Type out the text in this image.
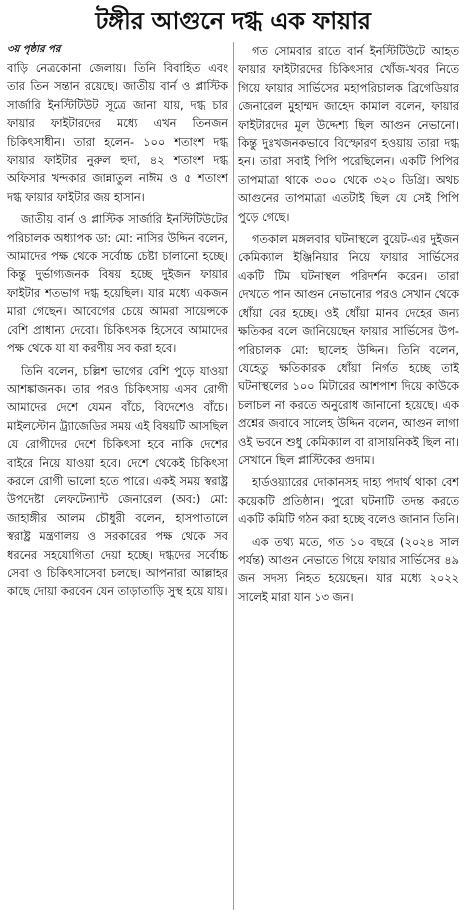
টঙ্গীর আগুনে দগ্ধ এক ফায়ার
৩য় পৃষ্ঠার পর

বাড়ি নেত্রকোনা জেলায়। তিনি বিবাহিত এবং তার তিন সন্তান রয়েছে। জাতীয় বার্ন ও প্লাস্টিক সার্জারি ইনস্টিটিউট সূত্রে জানা যায়, দগ্ধ চার ফায়ার ফাইটারদের মধ্যে এখন তিনজন চিকিৎসাধীন। তারা হলেন- ১০০ শতাংশ দগ্ধ ফায়ার ফাইটার নুরুল হুদা, ৪২ শতাংশ দগ্ধ অফিসার খন্দকার জান্নাতুল নাঈম ও ৫ শতাংশ দগ্ধ ফায়ার ফাইটার জয় হাসান।

জাতীয় বার্ন ও প্লাস্টিক সার্জারি ইনস্টিটিউটের পরিচালক অধ্যাপক ডা: মো: নাসির উদ্দিন বলেন, আমাদের পক্ষ থেকে সর্বোচ্চ চেষ্টা চালানো হচ্ছে। কিন্তু দুর্ভাগ্যজনক বিষয় হচ্ছে দুইজন ফায়ার ফাইটার শতভাগ দগ্ধ হয়েছিল। যার মধ্যে একজন মারা গেছেন। আবেগের চেয়ে আমরা সায়েন্সকে বেশি প্রাধান্য দেবো। চিকিৎসক হিসেবে আমাদের পক্ষ থেকে যা যা করণীয় সব করা হবে।

তিনি বলেন, চল্লিশ ভাগের বেশি পুড়ে যাওয়া আশঙ্কাজনক। তার পরও চিকিৎসায় এসব রোগী আমাদের দেশে যেমন বাঁচে, বিদেশেও বাঁচে। মাইলস্টোন ট্র্যাজেডির সময় এই বিষয়টি আসছিল যে রোগীদের দেশে চিকিৎসা হবে নাকি দেশের বাইরে নিয়ে যাওয়া হবে। দেশে থেকেই চিকিৎসা করলে রোগী ভালো হতে পারে। একই সময় স্বরাষ্ট্র উপদেষ্টা লেফটেন্যান্ট জেনারেল (অব:) মো: জাহাঙ্গীর আলম চৌধুরী বলেন, হাসপাতালে স্বরাষ্ট্র মন্ত্রণালয় ও সরকারের পক্ষ থেকে সব ধরনের সহযোগিতা দেয়া হচ্ছে। দগ্ধদের সর্বোচ্চ সেবা ও চিকিৎসাসেবা চলছে। আপনারা আল্লাহর কাছে দোয়া করবেন যেন তাড়াতাড়ি সুস্থ হয়ে যায়।

গত সোমবার রাতে বার্ন ইনস্টিটিউটে আহত ফায়ার ফাইটারদের চিকিৎসার খোঁজ-খবর নিতে গিয়ে ফায়ার সার্ভিসের মহাপরিচালক ব্রিগেডিয়ার জেনারেল মুহাম্মদ জাহেদ কামাল বলেন, ফায়ার ফাইটারদের মূল উদ্দেশ্য ছিল আগুন নেভানো। কিন্তু দুঃখজনকভাবে বিস্ফোরণ হওয়ায় তারা দগ্ধ হন। তারা সবাই পিপি পরেছিলেন। একটি পিপির তাপমাত্রা থাকে ৩০০ থেকে ৩২০ ডিগ্রি। অথচ আগুনের তাপমাত্রা এতটাই ছিল যে সেই পিপি পুড়ে গেছে।

গতকাল মঙ্গলবার ঘটনাস্থলে বুয়েট-এর দুইজন কেমিক্যাল ইঞ্জিনিয়ার নিয়ে ফায়ার সার্ভিসের একটি টিম ঘটনাস্থল পরিদর্শন করেন। তারা দেখতে পান আগুন নেভানোর পরও সেখান থেকে ধোঁয়া বের হচ্ছে। ওই ধোঁয়া মানব দেহের জন্য ক্ষতিকর বলে জানিয়েছেন ফায়ার সার্ভিসের উপ-পরিচালক মো: ছালেহ উদ্দিন। তিনি বলেন, যেহেতু ক্ষতিকারক ধোঁয়া নির্গত হচ্ছে তাই ঘটনাস্থলের ১০০ মিটারের আশপাশ দিয়ে কাউকে চলাচল না করতে অনুরোধ জানানো হয়েছে। এক প্রশ্নের জবাবে সালেহ উদ্দিন বলেন, আগুন লাগা ওই ভবনে শুধু কেমিক্যাল বা রাসায়নিকই ছিল না। সেখানে ছিল প্লাস্টিকের গুদাম।

হার্ডওয়্যারের দোকানসহ দাহ্য পদার্থ থাকা বেশ কয়েকটি প্রতিষ্ঠান। পুরো ঘটনাটি তদন্ত করতে একটি কমিটি গঠন করা হচ্ছে বলেও জানান তিনি।

এক তথ্য মতে, গত ১০ বছরে (২০২৪ সাল পর্যন্ত) আগুন নেভাতে গিয়ে ফায়ার সার্ভিসের ৪৯ জন সদস্য নিহত হয়েছেন। যার মধ্যে ২০২২ সালেই মারা যান ১৩ জন।
